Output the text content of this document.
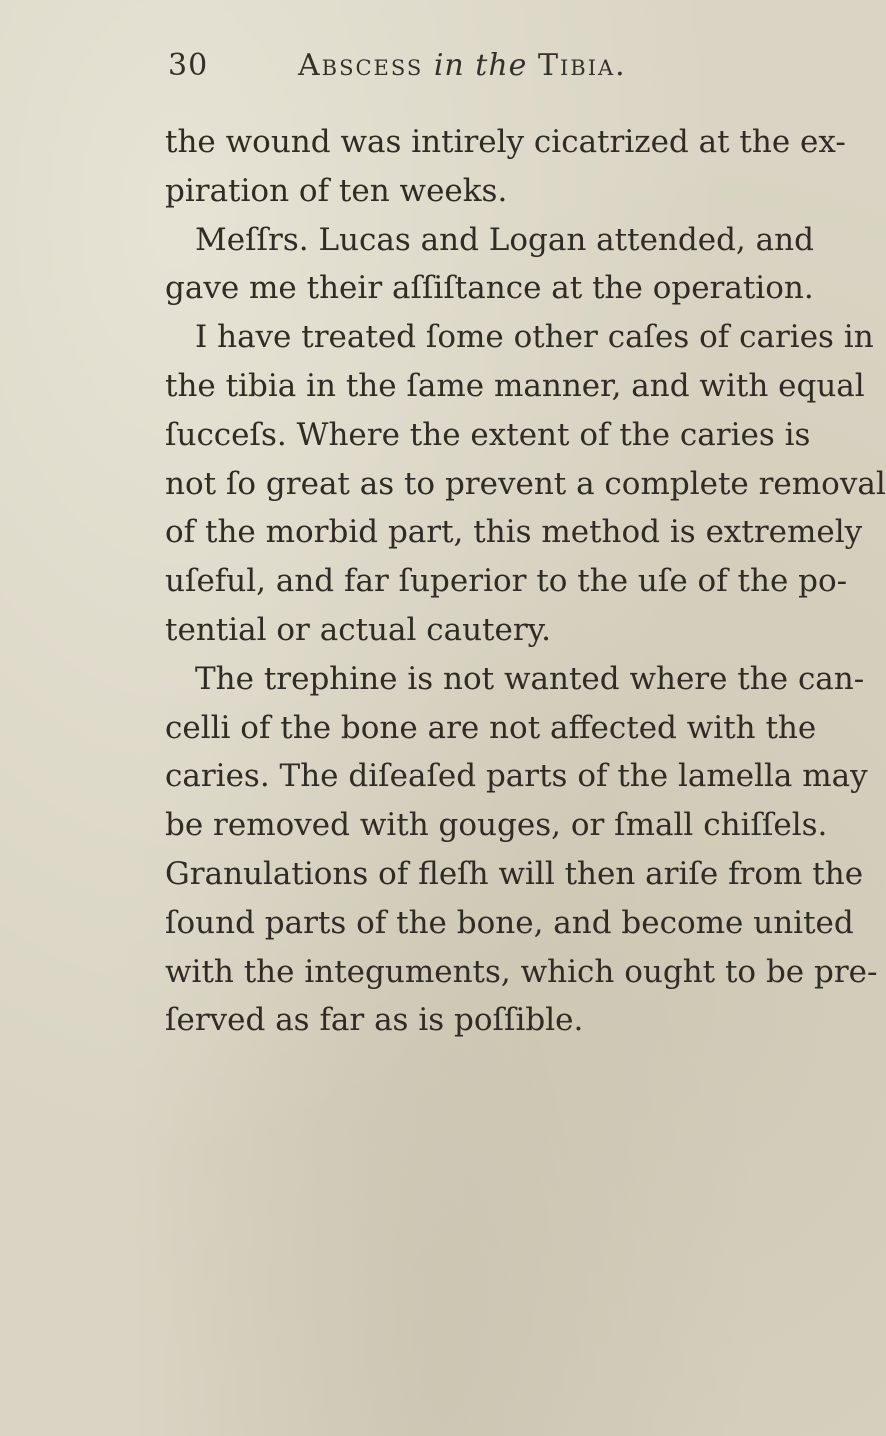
30	Abscess in the Tibia.
the wound was intirely cicatrized at the ex-
piration of ten weeks.
Meſſrs. Lucas and Logan attended, and
gave me their aſſiſtance at the operation.
I have treated ſome other caſes of caries in
the tibia in the ſame manner, and with equal
ſucceſs. Where the extent of the caries is
not ſo great as to prevent a complete removal
of the morbid part, this method is extremely
uſeful, and far ſuperior to the uſe of the po-
tential or actual cautery.
The trephine is not wanted where the can-
celli of the bone are not affected with the
caries. The diſeaſed parts of the lamella may
be removed with gouges, or ſmall chiſſels.
Granulations of fleſh will then ariſe from the
ſound parts of the bone, and become united
with the integuments, which ought to be pre-
ſerved as far as is poſſible.
